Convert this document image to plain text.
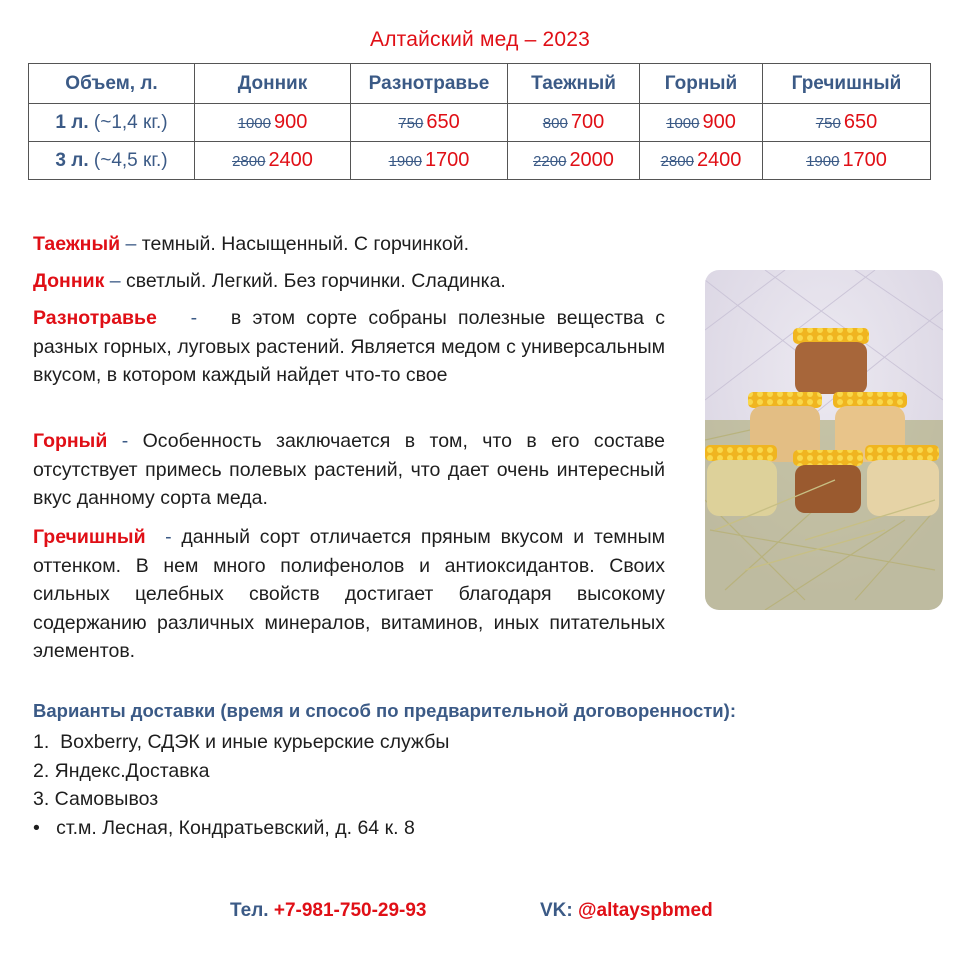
Алтайский мед – 2023
Объем, л.	Донник	Разнотравье	Таежный	Горный	Гречишный
1 л. (~1,4 кг.)	1000 900	750 650	800 700	1000 900	750 650
3 л. (~4,5 кг.)	2800 2400	1900 1700	2200 2000	2800 2400	1900 1700
Таежный – темный. Насыщенный. С горчинкой.
Донник – светлый. Легкий. Без горчинки. Сладинка.
Разнотравье   -   в этом сорте собраны полезные вещества с разных горных, луговых растений. Является медом с универсальным вкусом, в котором каждый найдет что-то свое
Горный - Особенность заключается в том, что в его составе отсутствует примесь полевых растений, что дает очень интересный вкус данному сорта меда.
Гречишный  - данный сорт отличается пряным вкусом и темным оттенком. В нем много полифенолов и антиоксидантов. Своих сильных целебных свойств достигает благодаря высокому содержанию различных минералов, витаминов, иных питательных элементов.
Варианты доставки (время и способ по предварительной договоренности):
1.  Boxberry, СДЭК и иные курьерские службы
2. Яндекс.Доставка
3. Самовывоз
•   ст.м. Лесная, Кондратьевский, д. 64 к. 8
Тел. +7-981-750-29-93	VK: @altayspbmed
